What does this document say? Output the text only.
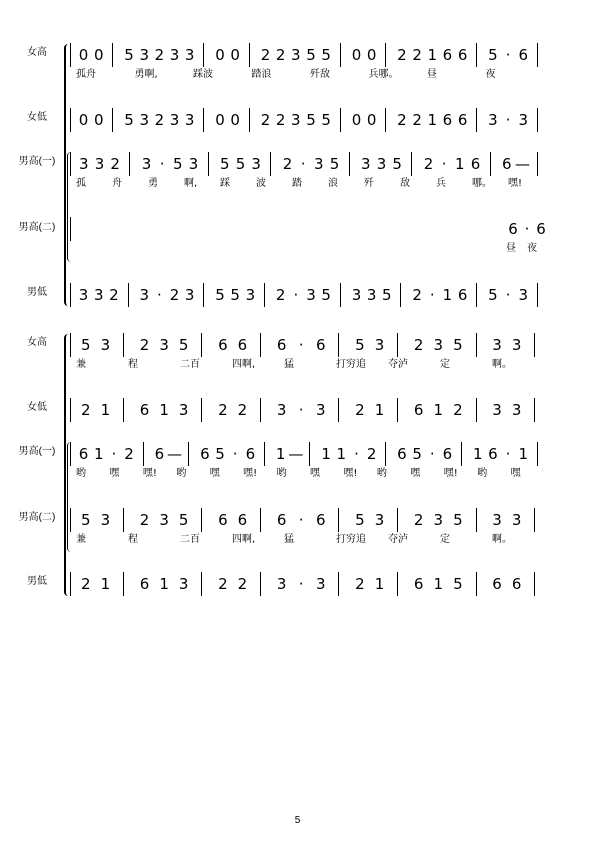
女高
女低
男高(一)
男高(二)
男低
女高
女低
男高(一)
男高(二)
男低
0 0 5 3 2 3 3 0 0 2 2 3 5 5 0 0 2 2 1 6 6 5 · 6
孤舟	勇啊,	踩波	踏浪	歼敌	兵哪。	昼	夜
0 0 5 3 2 3 3 0 0 2 2 3 5 5 0 0 2 2 1 6 6 3 · 3
3 3 2 3 · 5 3 5 5 3 2 · 3 5 3 3 5 2 · 1 6 6 —
孤	舟	勇	啊, 踩	波	踏	浪	歼	敌	兵	哪。 嘿!
6 · 6
昼 夜
3 3 2 3 · 2 3 5 5 3 2 · 3 5 3 3 5 2 · 1 6 5 · 3
5 3	2 3 5	6 6	6 · 6	5 3	2 3 5	3 3
兼	程	二百	四啊,	猛	打穷追 夺泸	定	啊。
2 1	6 1 3	2 2	3 · 3	2 1	6 1 2	3 3
6 1 · 2 6 — 6 5 · 6 1 — 1 1 · 2 6 5 · 6 1 6 · 1
哟 嘿 嘿! 哟 嘿 嘿! 哟 嘿 嘿! 哟 嘿 嘿! 哟 嘿
5 3	2 3 5	6 6	6 · 6	5 3	2 3 5	3 3
兼	程	二百	四啊,	猛	打穷追 夺泸	定	啊。
2 1	6 1 3	2 2	3 · 3	2 1	6 1 5	6 6
5
